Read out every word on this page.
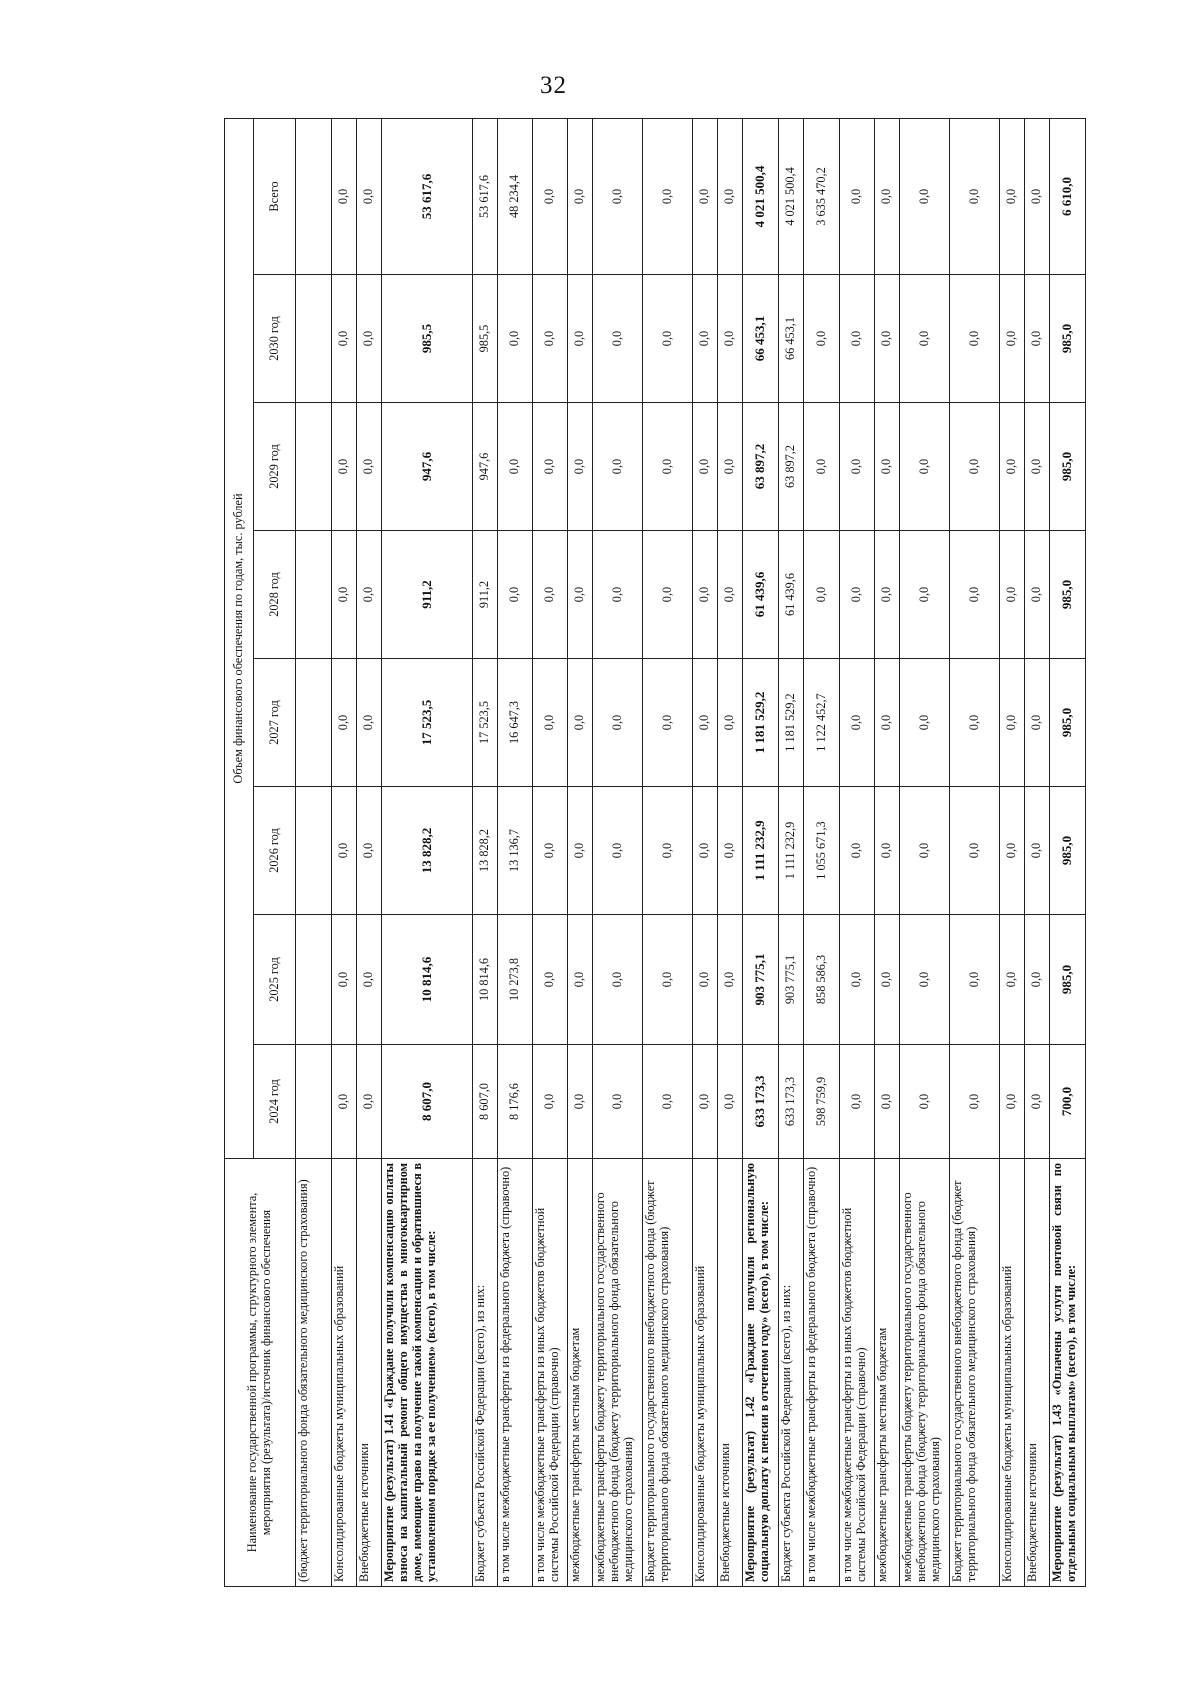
32
Наименование государственной программы, структурного элемента, мероприятия (результата)/источник финансового обеспечения	Объем финансового обеспечения по годам, тыс. рублей							
	2024 год	2025 год	2026 год	2027 год	2028 год	2029 год	2030 год	Всего
(бюджет территориального фонда обязательного медицинского страхования)								
Консолидированные бюджеты муниципальных образований	0,0	0,0	0,0	0,0	0,0	0,0	0,0	0,0
Внебюджетные источники	0,0	0,0	0,0	0,0	0,0	0,0	0,0	0,0
Мероприятие (результат) 1.41 «Граждане получили компенсацию оплаты взноса на капитальный ремонт общего имущества в многоквартирном доме, имеющие право на получение такой компенсации и обратившиеся в установленном порядке за ее получением» (всего), в том числе:	8 607,0	10 814,6	13 828,2	17 523,5	911,2	947,6	985,5	53 617,6
Бюджет субъекта Российской Федерации (всего), из них:	8 607,0	10 814,6	13 828,2	17 523,5	911,2	947,6	985,5	53 617,6
в том числе межбюджетные трансферты из федерального бюджета (справочно)	8 176,6	10 273,8	13 136,7	16 647,3	0,0	0,0	0,0	48 234,4
в том числе межбюджетные трансферты из иных бюджетов бюджетной системы Российской Федерации (справочно)	0,0	0,0	0,0	0,0	0,0	0,0	0,0	0,0
межбюджетные трансферты местным бюджетам	0,0	0,0	0,0	0,0	0,0	0,0	0,0	0,0
межбюджетные трансферты бюджету территориального государственного внебюджетного фонда (бюджету территориального фонда обязательного медицинского страхования)	0,0	0,0	0,0	0,0	0,0	0,0	0,0	0,0
Бюджет территориального государственного внебюджетного фонда (бюджет территориального фонда обязательного медицинского страхования)	0,0	0,0	0,0	0,0	0,0	0,0	0,0	0,0
Консолидированные бюджеты муниципальных образований	0,0	0,0	0,0	0,0	0,0	0,0	0,0	0,0
Внебюджетные источники	0,0	0,0	0,0	0,0	0,0	0,0	0,0	0,0
Мероприятие (результат) 1.42 «Граждане получили региональную социальную доплату к пенсии в отчетном году» (всего), в том числе:	633 173,3	903 775,1	1 111 232,9	1 181 529,2	61 439,6	63 897,2	66 453,1	4 021 500,4
Бюджет субъекта Российской Федерации (всего), из них:	633 173,3	903 775,1	1 111 232,9	1 181 529,2	61 439,6	63 897,2	66 453,1	4 021 500,4
в том числе межбюджетные трансферты из федерального бюджета (справочно)	598 759,9	858 586,3	1 055 671,3	1 122 452,7	0,0	0,0	0,0	3 635 470,2
в том числе межбюджетные трансферты из иных бюджетов бюджетной системы Российской Федерации (справочно)	0,0	0,0	0,0	0,0	0,0	0,0	0,0	0,0
межбюджетные трансферты местным бюджетам	0,0	0,0	0,0	0,0	0,0	0,0	0,0	0,0
межбюджетные трансферты бюджету территориального государственного внебюджетного фонда (бюджету территориального фонда обязательного медицинского страхования)	0,0	0,0	0,0	0,0	0,0	0,0	0,0	0,0
Бюджет территориального государственного внебюджетного фонда (бюджет территориального фонда обязательного медицинского страхования)	0,0	0,0	0,0	0,0	0,0	0,0	0,0	0,0
Консолидированные бюджеты муниципальных образований	0,0	0,0	0,0	0,0	0,0	0,0	0,0	0,0
Внебюджетные источники	0,0	0,0	0,0	0,0	0,0	0,0	0,0	0,0
Мероприятие (результат) 1.43 «Оплачены услуги почтовой связи по отдельным социальным выплатам» (всего), в том числе:	700,0	985,0	985,0	985,0	985,0	985,0	985,0	6 610,0
